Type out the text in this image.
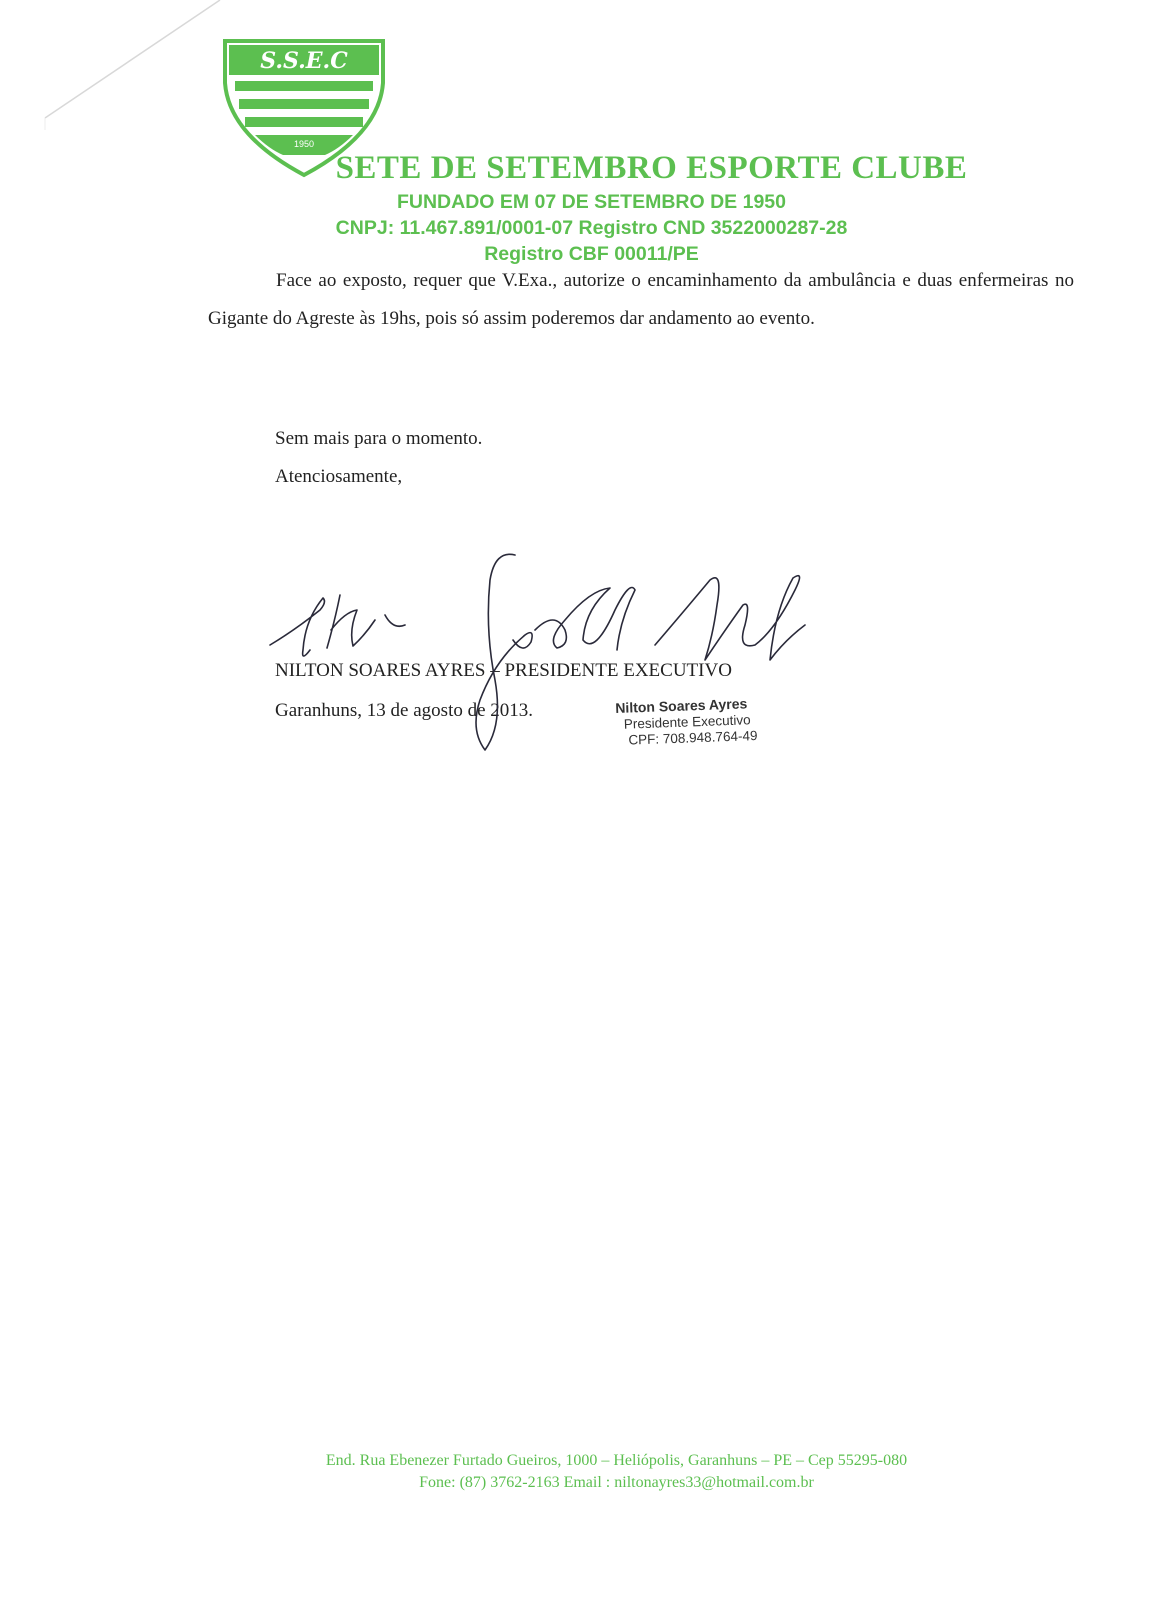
S.S.E.C
1950
SETE DE SETEMBRO ESPORTE CLUBE
FUNDADO EM 07 DE SETEMBRO DE 1950
CNPJ: 11.467.891/0001-07 Registro CND 3522000287-28
Registro CBF 00011/PE
Face ao exposto, requer que V.Exa., autorize o encaminhamento da ambulância e duas enfermeiras no Gigante do Agreste às 19hs, pois só assim poderemos dar andamento ao evento.
Sem mais para o momento.
Atenciosamente,
NILTON SOARES AYRES – PRESIDENTE EXECUTIVO
Garanhuns, 13 de agosto de 2013.	Nilton Soares Ayres
Presidente Executivo
CPF: 708.948.764-49
End. Rua Ebenezer Furtado Gueiros, 1000 – Heliópolis, Garanhuns – PE – Cep 55295-080
Fone: (87) 3762-2163 Email : niltonayres33@hotmail.com.br
